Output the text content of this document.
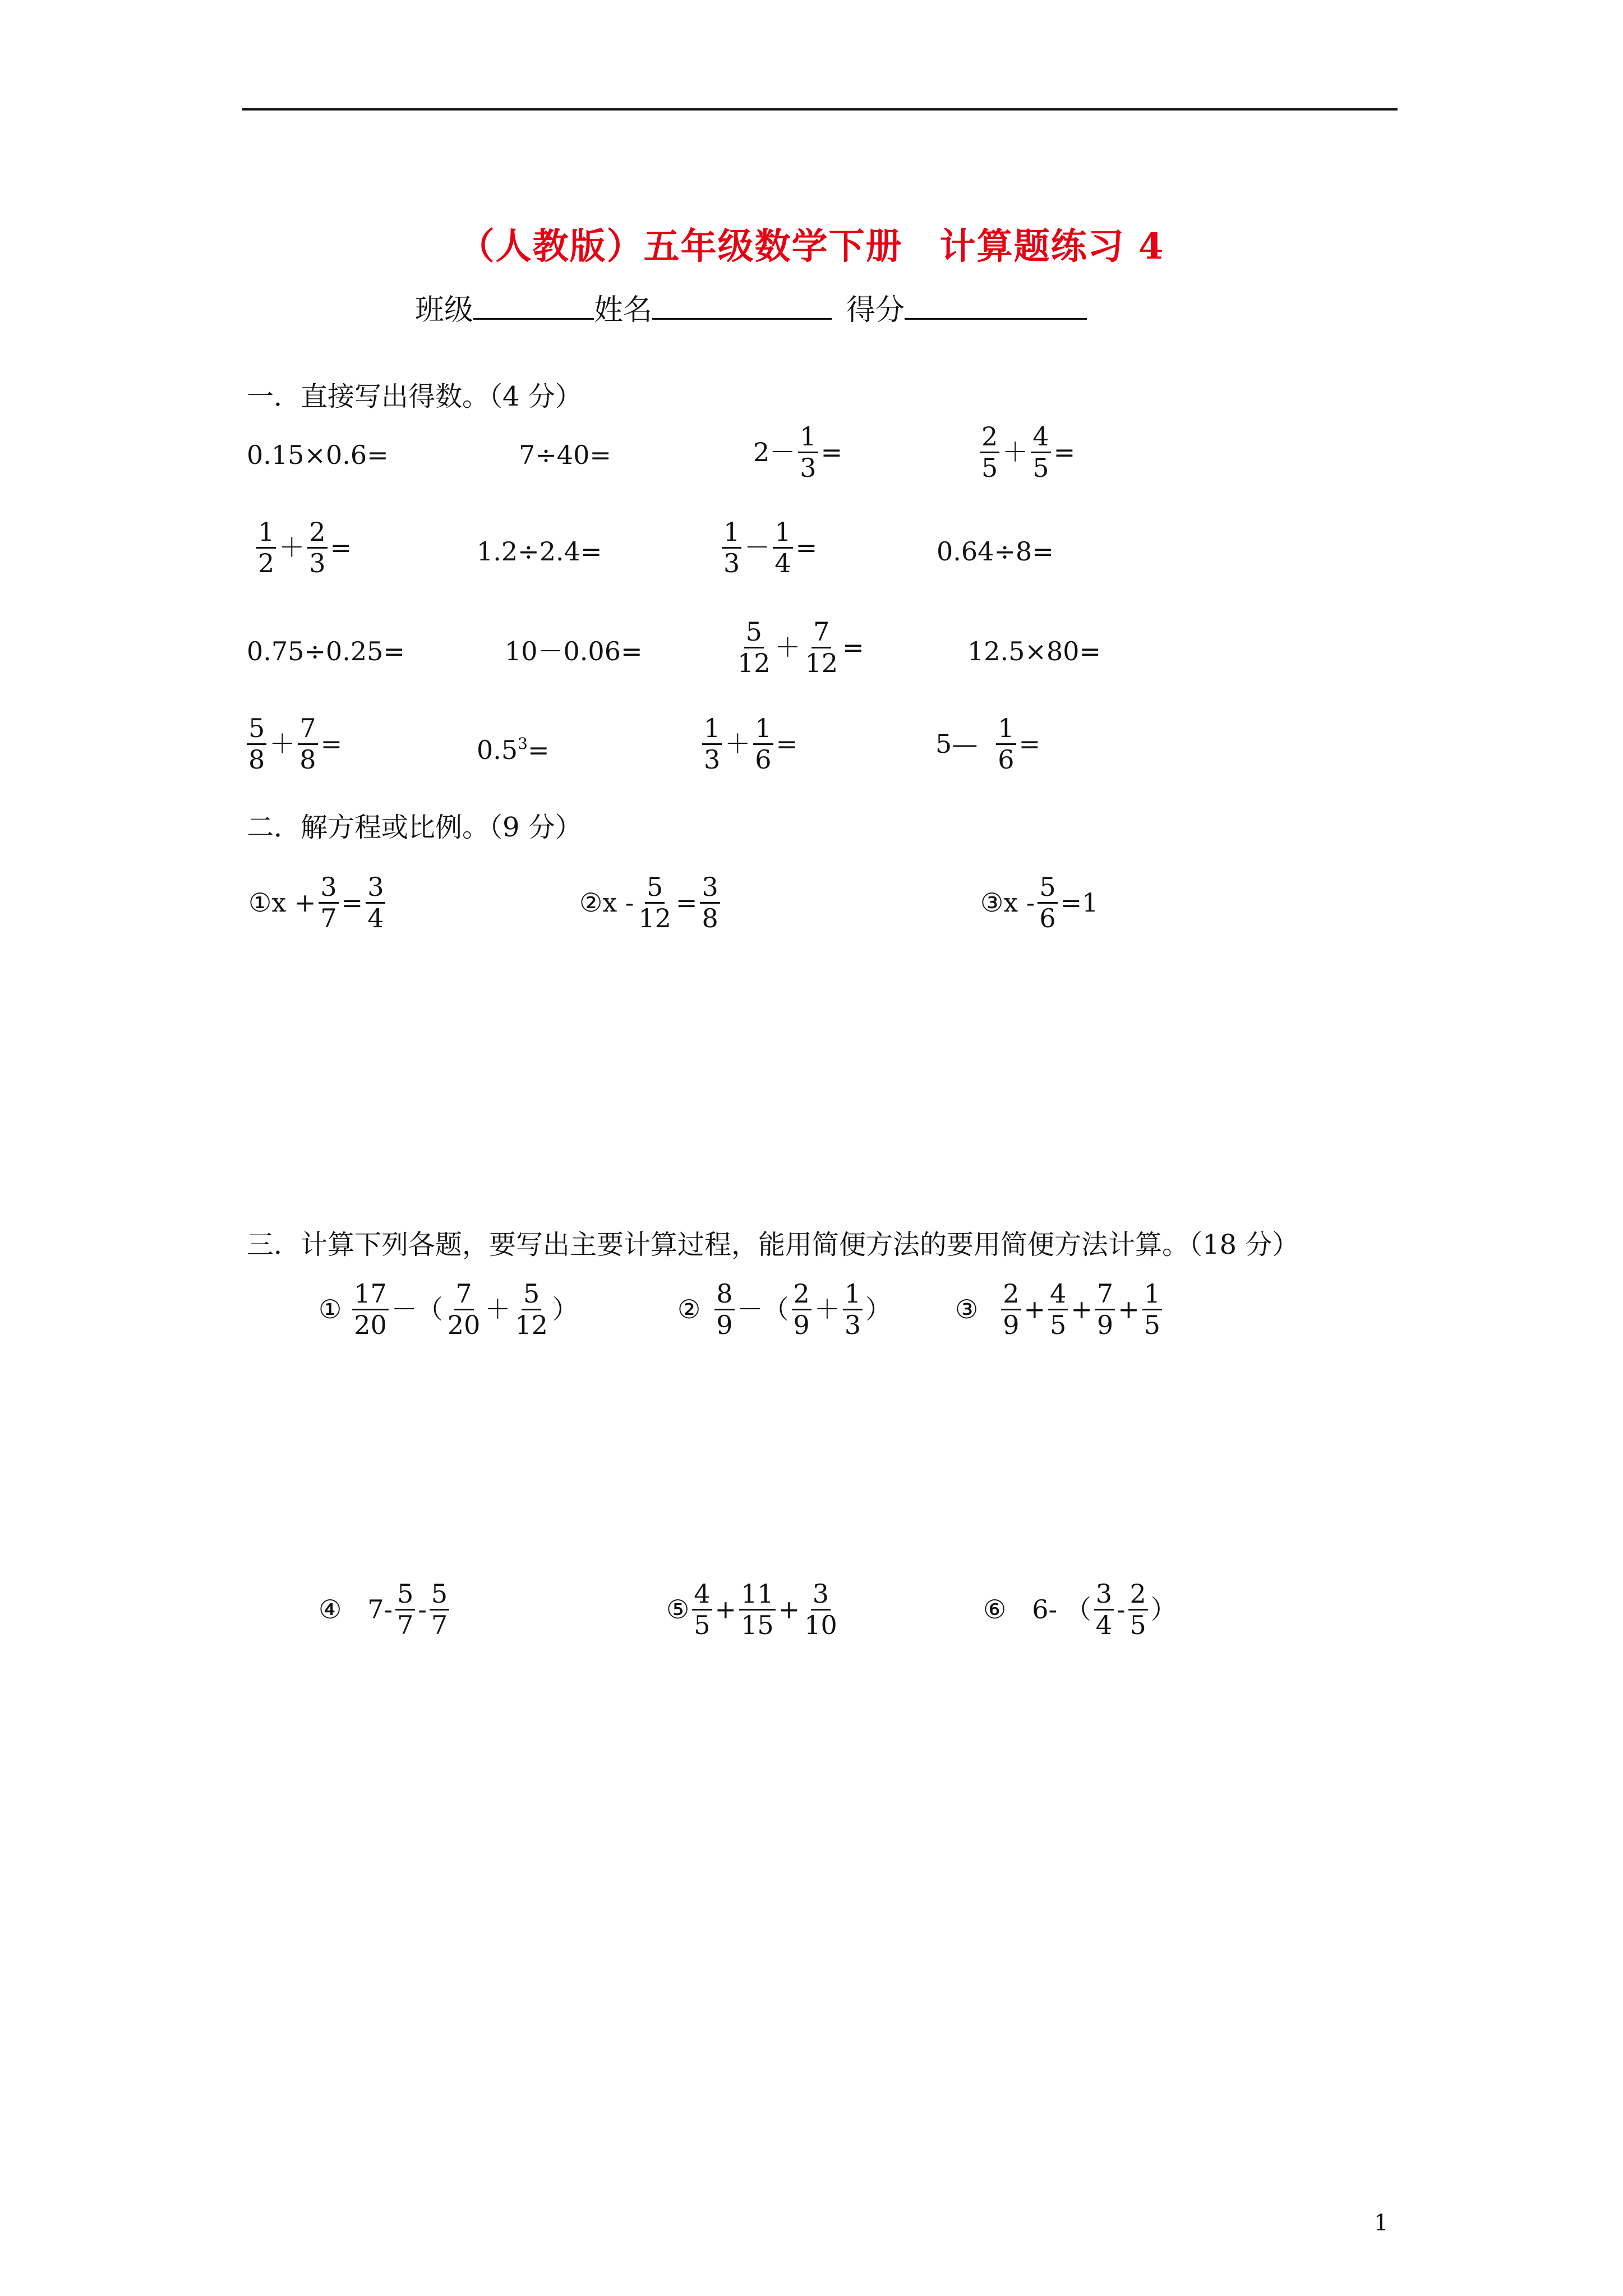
（人教版）五年级数学下册　计算题练习 4
班级	姓名	得分
一．直接写出得数。（4 分）
0.15×0.6=	7÷40=	$2- \frac{1}{3}$ =	$\frac{2}{5} + \frac{4}{5}$ =
$\frac{1}{2} + \frac{2}{3}$ =	1.2÷2.4=	$\frac{1}{3} - \frac{1}{4}$ =	0.64÷8=
0.75÷0.25=	10－0.06=	$\frac{5}{12} + \frac{7}{12}$ =	12.5×80=
$\frac{5}{8} + \frac{7}{8}$ =	$0.5^3=$	$\frac{1}{3} + \frac{1}{6}$ =	5— $\frac{1}{6}$ =
二．解方程或比例。（9 分）
①x + $\frac{3}{7} = \frac{3}{4}$	②x - $\frac{5}{12} = \frac{3}{8}$	③x - $\frac{5}{6} =1$
三．计算下列各题，要写出主要计算过程，能用简便方法的要用简便方法计算。（18 分）
① $\frac{17}{20}$ －（ $\frac{7}{20} + \frac{5}{12}$ ）	② $\frac{8}{9}$ －（ $\frac{2}{9} + \frac{1}{3}$ ） ③ $\frac{2}{9} + \frac{4}{5} + \frac{7}{9} + \frac{1}{5}$
④ $7- \frac{5}{7} - \frac{5}{7}$	⑤ $\frac{4}{5} + \frac{11}{15} + \frac{3}{10}$	⑥ 6- （ $\frac{3}{4} - \frac{2}{5}$ ）
1
